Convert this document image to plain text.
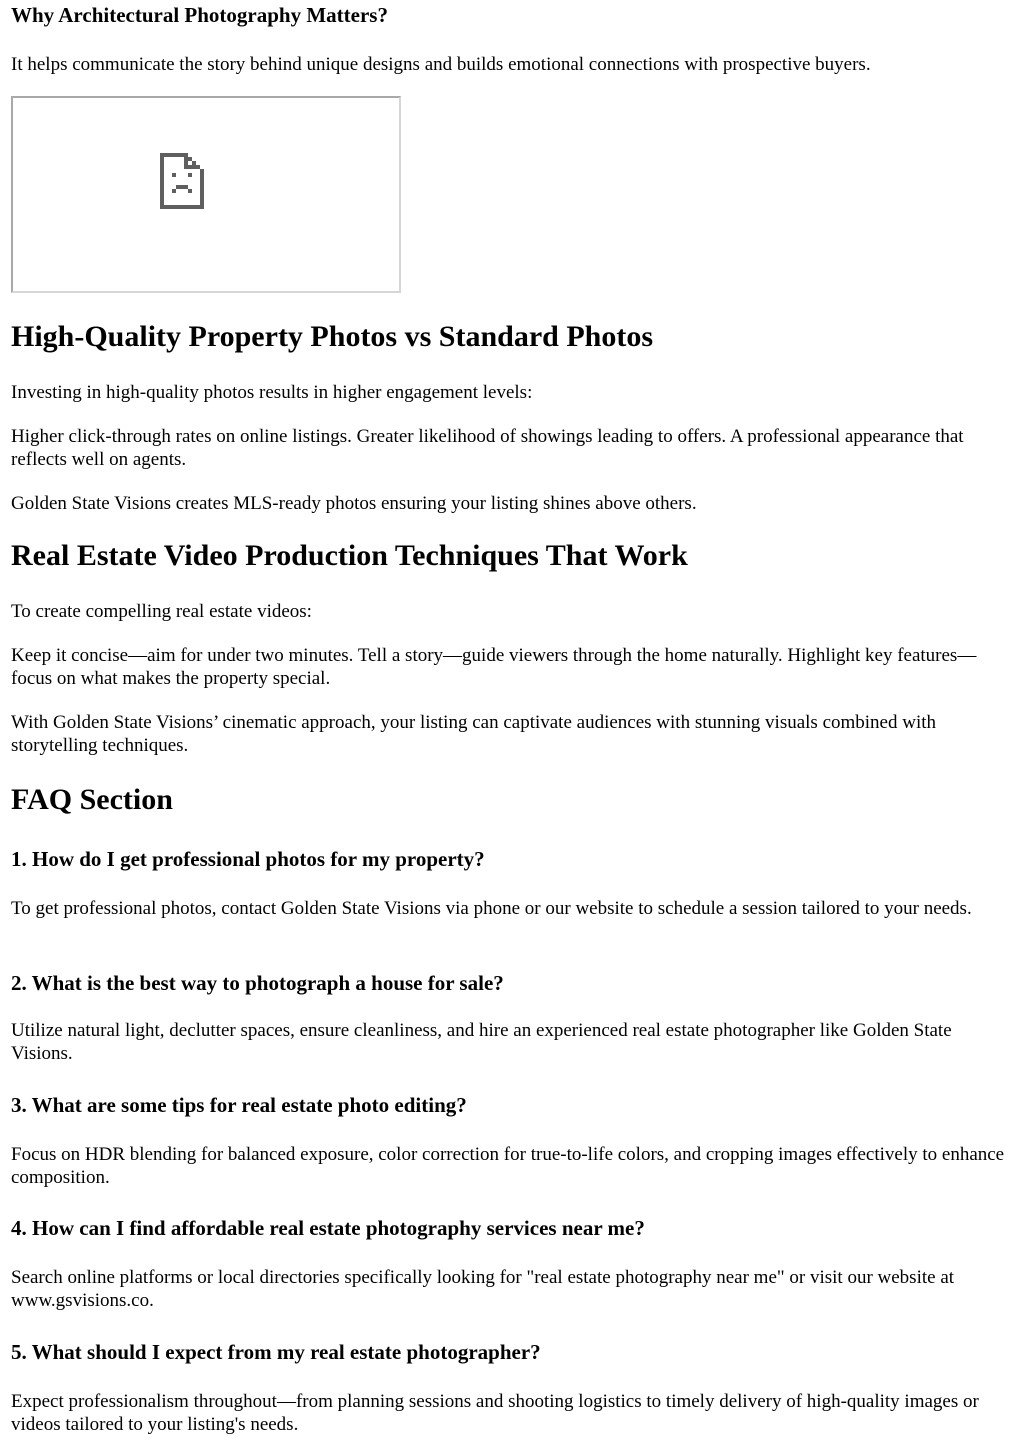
Why Architectural Photography Matters?

It helps communicate the story behind unique designs and builds emotional connections with prospective buyers.

High-Quality Property Photos vs Standard Photos

Investing in high-quality photos results in higher engagement levels:

Higher click-through rates on online listings. Greater likelihood of showings leading to offers. A professional appearance that reflects well on agents.

Golden State Visions creates MLS-ready photos ensuring your listing shines above others.

Real Estate Video Production Techniques That Work

To create compelling real estate videos:

Keep it concise—aim for under two minutes. Tell a story—guide viewers through the home naturally. Highlight key features—focus on what makes the property special.

With Golden State Visions’ cinematic approach, your listing can captivate audiences with stunning visuals combined with storytelling techniques.

FAQ Section
1. How do I get professional photos for my property?

To get professional photos, contact Golden State Visions via phone or our website to schedule a session tailored to your needs.

2. What is the best way to photograph a house for sale?

Utilize natural light, declutter spaces, ensure cleanliness, and hire an experienced real estate photographer like Golden State Visions.

3. What are some tips for real estate photo editing?

Focus on HDR blending for balanced exposure, color correction for true-to-life colors, and cropping images effectively to enhance composition.

4. How can I find affordable real estate photography services near me?

Search online platforms or local directories specifically looking for "real estate photography near me" or visit our website at www.gsvisions.co.

5. What should I expect from my real estate photographer?

Expect professionalism throughout—from planning sessions and shooting logistics to timely delivery of high-quality images or videos tailored to your listing's needs.
